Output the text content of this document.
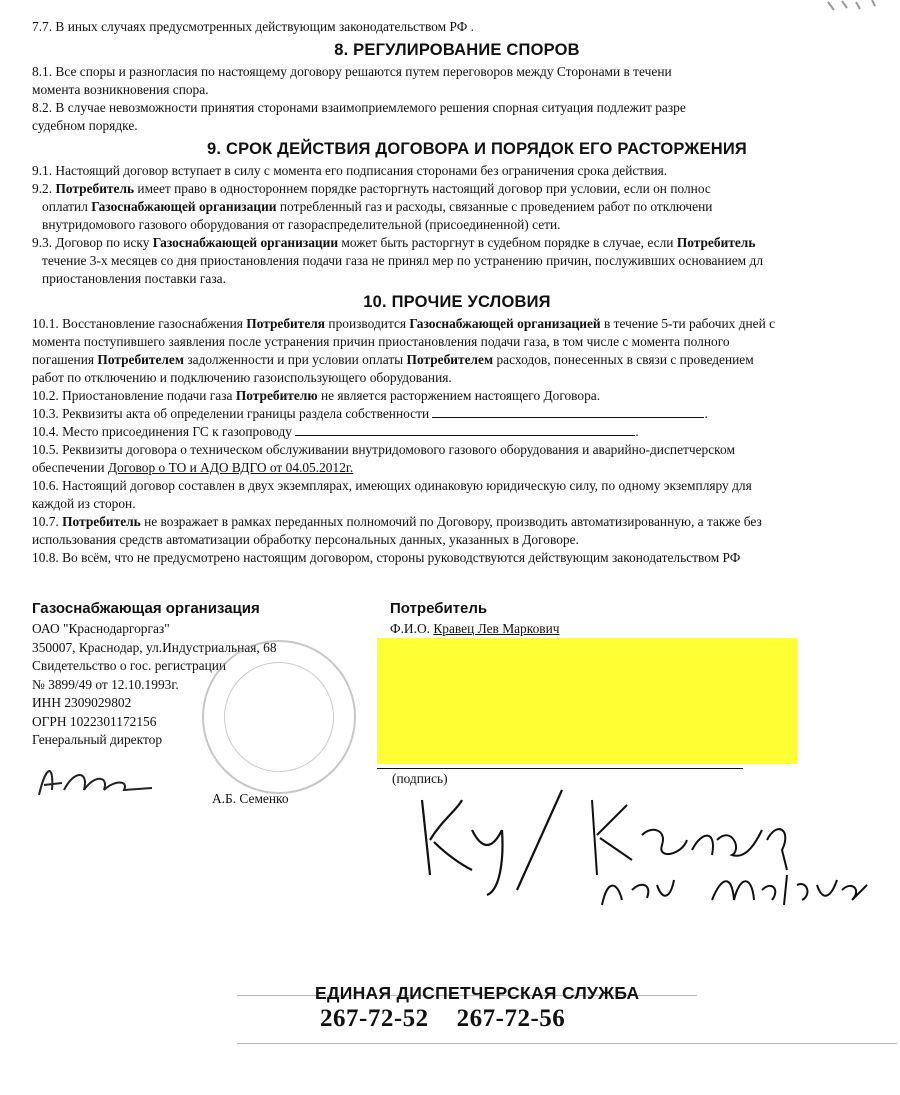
7.7. В иных случаях предусмотренных действующим законодательством РФ .
8. РЕГУЛИРОВАНИЕ СПОРОВ
8.1. Все споры и разногласия по настоящему договору решаются путем переговоров между Сторонами в течени
момента возникновения спора.
8.2. В случае невозможности принятия сторонами взаимоприемлемого решения спорная ситуация подлежит разре
судебном порядке.
9. СРОК ДЕЙСТВИЯ ДОГОВОРА И ПОРЯДОК ЕГО РАСТОРЖЕНИЯ
9.1. Настоящий договор вступает в силу с момента его подписания сторонами без ограничения срока действия.
9.2. Потребитель имеет право в одностороннем порядке расторгнуть настоящий договор при условии, если он полнос
оплатил Газоснабжающей организации потребленный газ и расходы, связанные с проведением работ по отключени
внутридомового газового оборудования от газораспределительной (присоединенной) сети.
9.3. Договор по иску Газоснабжающей организации может быть расторгнут в судебном порядке в случае, если Потребитель
течение 3-х месяцев со дня приостановления подачи газа не принял мер по устранению причин, послуживших основанием дл
приостановления поставки газа.
10. ПРОЧИЕ УСЛОВИЯ
10.1. Восстановление газоснабжения Потребителя производится Газоснабжающей организацией в течение 5-ти рабочих дней с
момента поступившего заявления после устранения причин приостановления подачи газа, в том числе с момента полного
погашения Потребителем задолженности и при условии оплаты Потребителем расходов, понесенных в связи с проведением
работ по отключению и подключению газоиспользующего оборудования.
10.2. Приостановление подачи газа Потребителю не является расторжением настоящего Договора.
10.3. Реквизиты акта об определении границы раздела собственности	.
10.4. Место присоединения ГС к газопроводу	.
10.5. Реквизиты договора о техническом обслуживании внутридомового газового оборудования и аварийно-диспетчерском
обеспечении Договор о ТО и АДО ВДГО от 04.05.2012г.
10.6. Настоящий договор составлен в двух экземплярах, имеющих одинаковую юридическую силу, по одному экземпляру для
каждой из сторон.
10.7. Потребитель не возражает в рамках переданных полномочий по Договору, производить автоматизированную, а также без
использования средств автоматизации обработку персональных данных, указанных в Договоре.
10.8. Во всём, что не предусмотрено настоящим договором, стороны руководствуются действующим законодательством РФ
Газоснабжающая организация
ОАО "Краснодаргоргаз"
350007, Краснодар, ул.Индустриальная, 68
Свидетельство о гос. регистрации
№ 3899/49 от 12.10.1993г.
ИНН 2309029802
ОГРН 1022301172156
Генеральный директор
А.Б. Семенко
Потребитель
Ф.И.О. Кравец Лев Маркович
(подпись)
ЕДИНАЯ ДИСПЕТЧЕРСКАЯ СЛУЖБА
267-72-52 267-72-56
